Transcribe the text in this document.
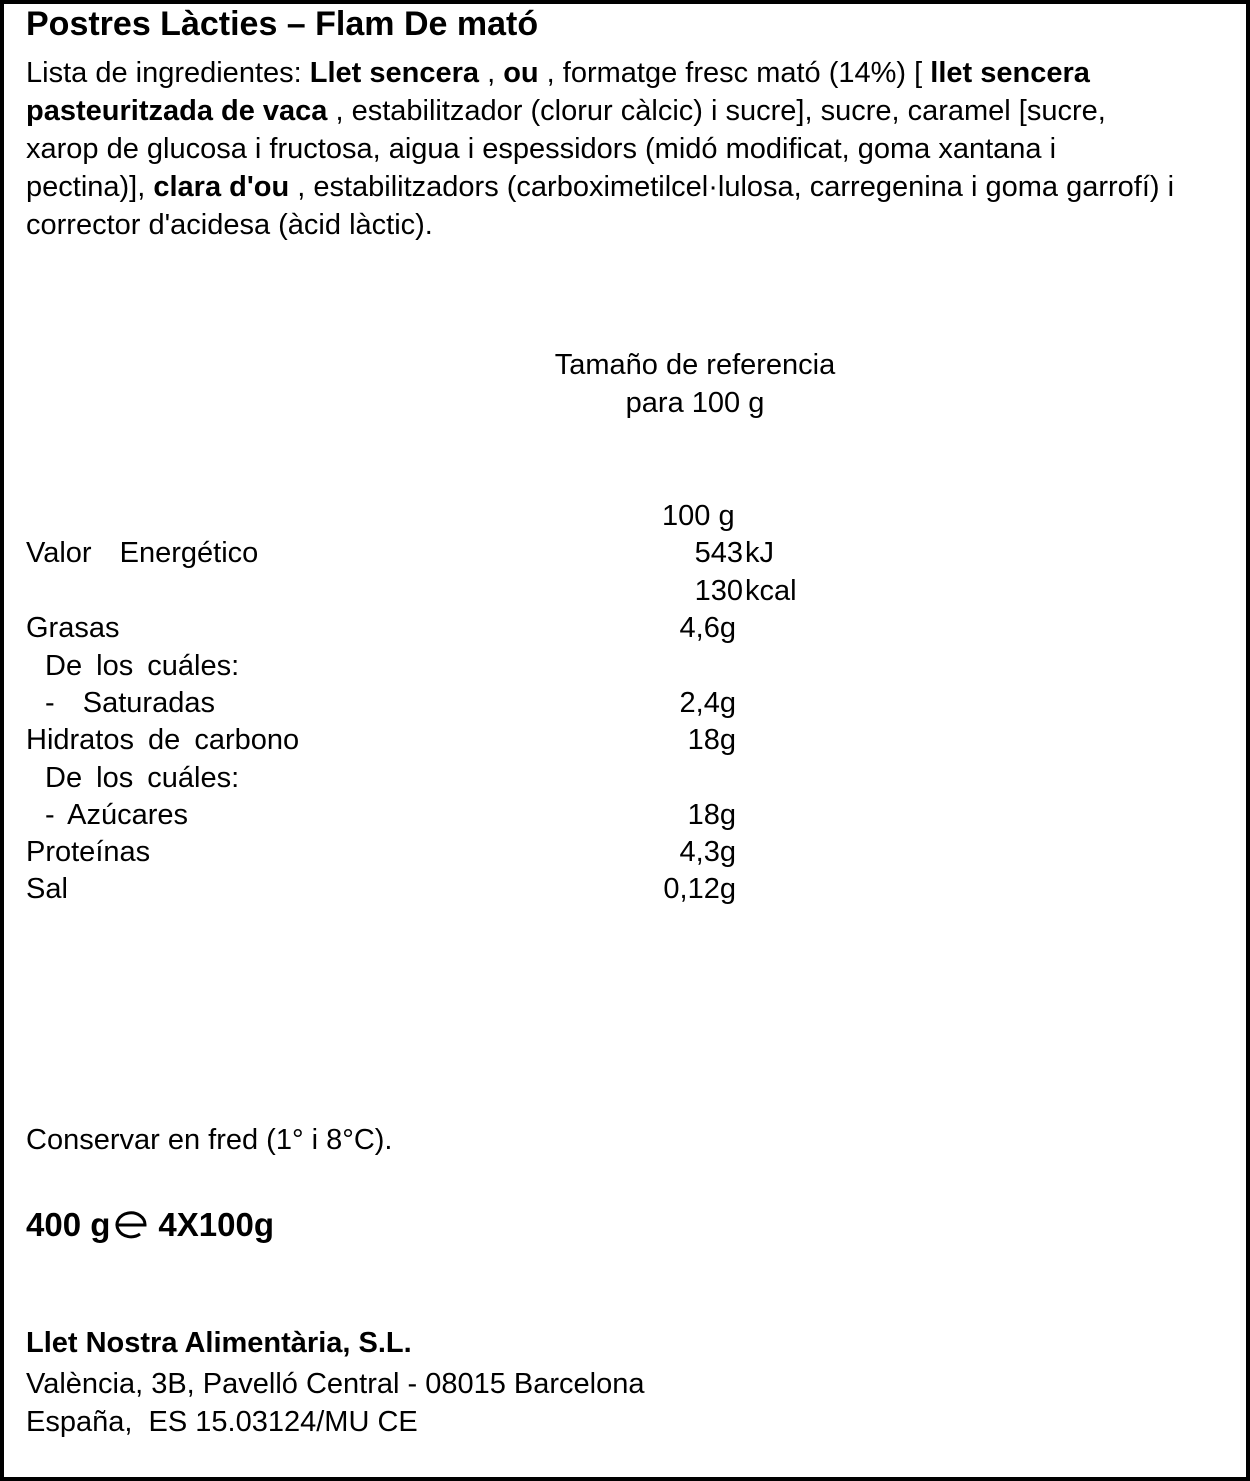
Postres Làcties – Flam De mató
Lista de ingredientes: Llet sencera , ou , formatge fresc mató (14%) [ llet sencera pasteuritzada de vaca , estabilitzador (clorur càlcic) i sucre], sucre, caramel [sucre, xarop de glucosa i fructosa, aigua i espessidors (midó modificat, goma xantana i pectina)], clara d'ou , estabilitzadors (carboximetilcel·lulosa, carregenina i goma garrofí) i corrector d'acidesa (àcid làctic).
Tamaño de referencia
para 100 g
100 g
Valor  Energético	543 kJ
130 kcal
Grasas	4,6g
De los cuáles:
-  Saturadas	2,4g
Hidratos de carbono	18g
De los cuáles:
- Azúcares	18g
Proteínas	4,3g
Sal	0,12g
Conservar en fred (1° i 8°C).
400 g 4X100g
Llet Nostra Alimentària, S.L.
València, 3B, Pavelló Central - 08015 Barcelona
España,  ES 15.03124/MU CE
